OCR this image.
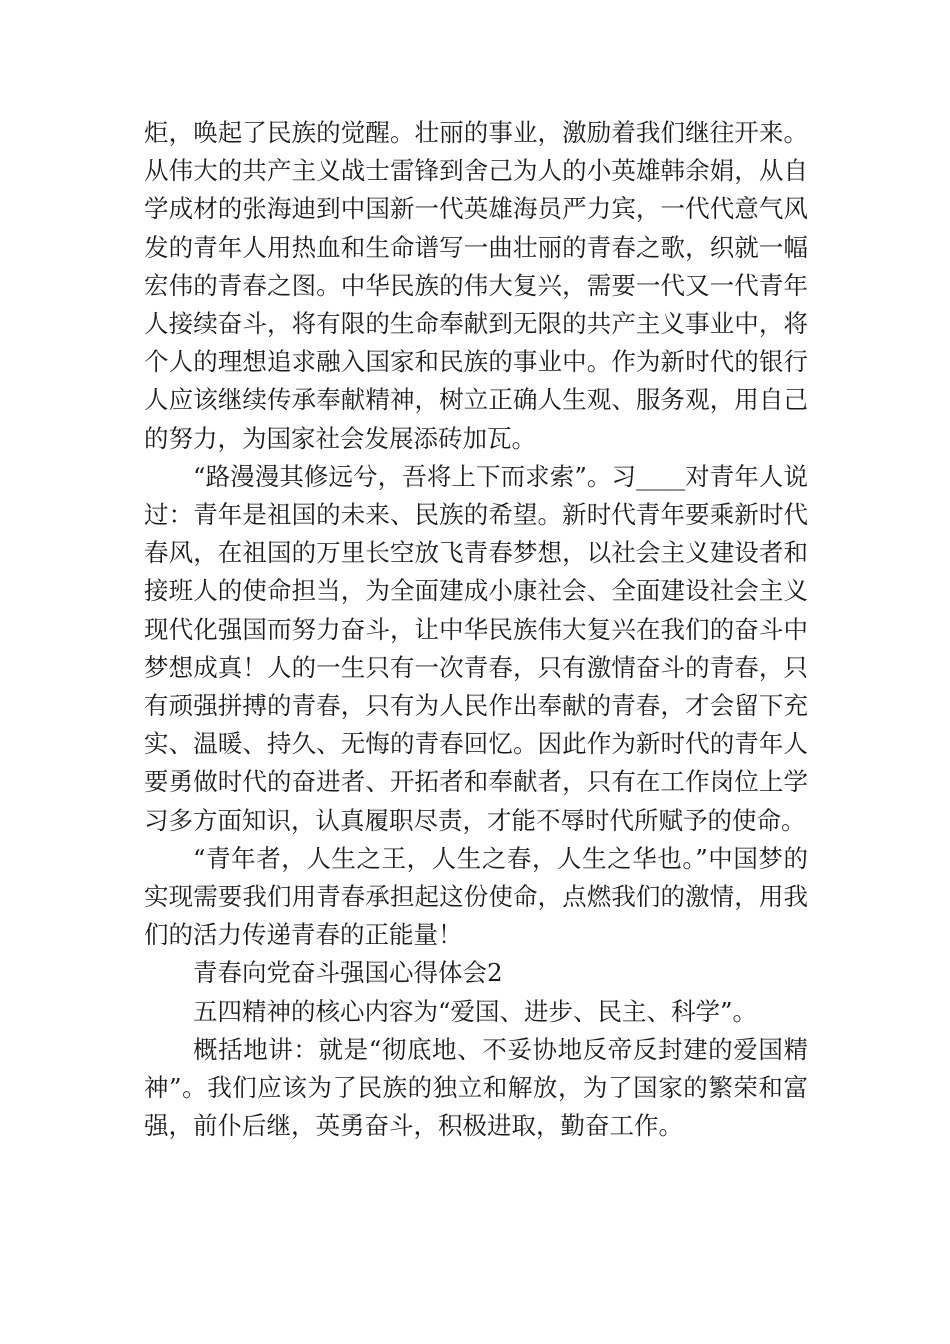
炬，唤起了民族的觉醒。壮丽的事业，激励着我们继往开来。从伟大的共产主义战士雷锋到舍己为人的小英雄韩余娟，从自学成材的张海迪到中国新一代英雄海员严力宾，一代代意气风发的青年人用热血和生命谱写一曲壮丽的青春之歌，织就一幅宏伟的青春之图。中华民族的伟大复兴，需要一代又一代青年人接续奋斗，将有限的生命奉献到无限的共产主义事业中，将个人的理想追求融入国家和民族的事业中。作为新时代的银行人应该继续传承奉献精神，树立正确人生观、服务观，用自己的努力，为国家社会发展添砖加瓦。

“路漫漫其修远兮，吾将上下而求索”。习____对青年人说过：青年是祖国的未来、民族的希望。新时代青年要乘新时代春风，在祖国的万里长空放飞青春梦想，以社会主义建设者和接班人的使命担当，为全面建成小康社会、全面建设社会主义现代化强国而努力奋斗，让中华民族伟大复兴在我们的奋斗中梦想成真！人的一生只有一次青春，只有激情奋斗的青春，只有顽强拼搏的青春，只有为人民作出奉献的青春，才会留下充实、温暖、持久、无悔的青春回忆。因此作为新时代的青年人要勇做时代的奋进者、开拓者和奉献者，只有在工作岗位上学习多方面知识，认真履职尽责，才能不辱时代所赋予的使命。

“青年者，人生之王，人生之春，人生之华也。”中国梦的实现需要我们用青春承担起这份使命，点燃我们的激情，用我们的活力传递青春的正能量！

青春向党奋斗强国心得体会2

五四精神的核心内容为“爱国、进步、民主、科学”。

概括地讲：就是“彻底地、不妥协地反帝反封建的爱国精神”。我们应该为了民族的独立和解放，为了国家的繁荣和富强，前仆后继，英勇奋斗，积极进取，勤奋工作。
